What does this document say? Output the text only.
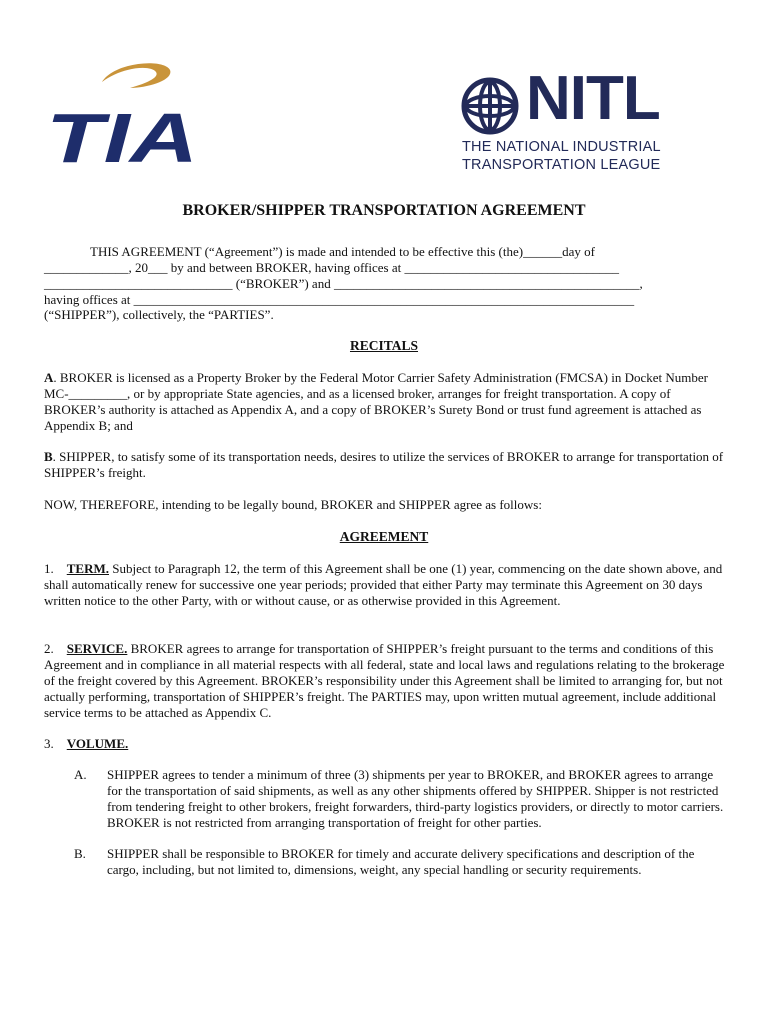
TIA
NITL
THE NATIONAL INDUSTRIAL
TRANSPORTATION LEAGUE
BROKER/SHIPPER TRANSPORTATION AGREEMENT
THIS AGREEMENT (“Agreement”) is made and intended to be effective this (the)______day of
_____________, 20___ by and between BROKER, having offices at _________________________________
_____________________________ (“BROKER”) and _______________________________________________,
having offices at _____________________________________________________________________________
(“SHIPPER”), collectively, the “PARTIES”.
RECITALS
A. BROKER is licensed as a Property Broker by the Federal Motor Carrier Safety Administration (FMCSA) in Docket Number MC-_________, or by appropriate State agencies, and as a licensed broker, arranges for freight transportation. A copy of BROKER’s authority is attached as Appendix A, and a copy of BROKER’s Surety Bond or trust fund agreement is attached as Appendix B; and
B. SHIPPER, to satisfy some of its transportation needs, desires to utilize the services of BROKER to arrange for transportation of SHIPPER’s freight.
NOW, THEREFORE, intending to be legally bound, BROKER and SHIPPER agree as follows:
AGREEMENT
1. TERM. Subject to Paragraph 12, the term of this Agreement shall be one (1) year, commencing on the date shown above, and shall automatically renew for successive one year periods; provided that either Party may terminate this Agreement on 30 days written notice to the other Party, with or without cause, or as otherwise provided in this Agreement.
2. SERVICE. BROKER agrees to arrange for transportation of SHIPPER’s freight pursuant to the terms and conditions of this Agreement and in compliance in all material respects with all federal, state and local laws and regulations relating to the brokerage of the freight covered by this Agreement. BROKER’s responsibility under this Agreement shall be limited to arranging for, but not actually performing, transportation of SHIPPER’s freight. The PARTIES may, upon written mutual agreement, include additional service terms to be attached as Appendix C.
3. VOLUME.
A. SHIPPER agrees to tender a minimum of three (3) shipments per year to BROKER, and BROKER agrees to arrange for the transportation of said shipments, as well as any other shipments offered by SHIPPER. Shipper is not restricted from tendering freight to other brokers, freight forwarders, third-party logistics providers, or directly to motor carriers. BROKER is not restricted from arranging transportation of freight for other parties.
B. SHIPPER shall be responsible to BROKER for timely and accurate delivery specifications and description of the cargo, including, but not limited to, dimensions, weight, any special handling or security requirements.
